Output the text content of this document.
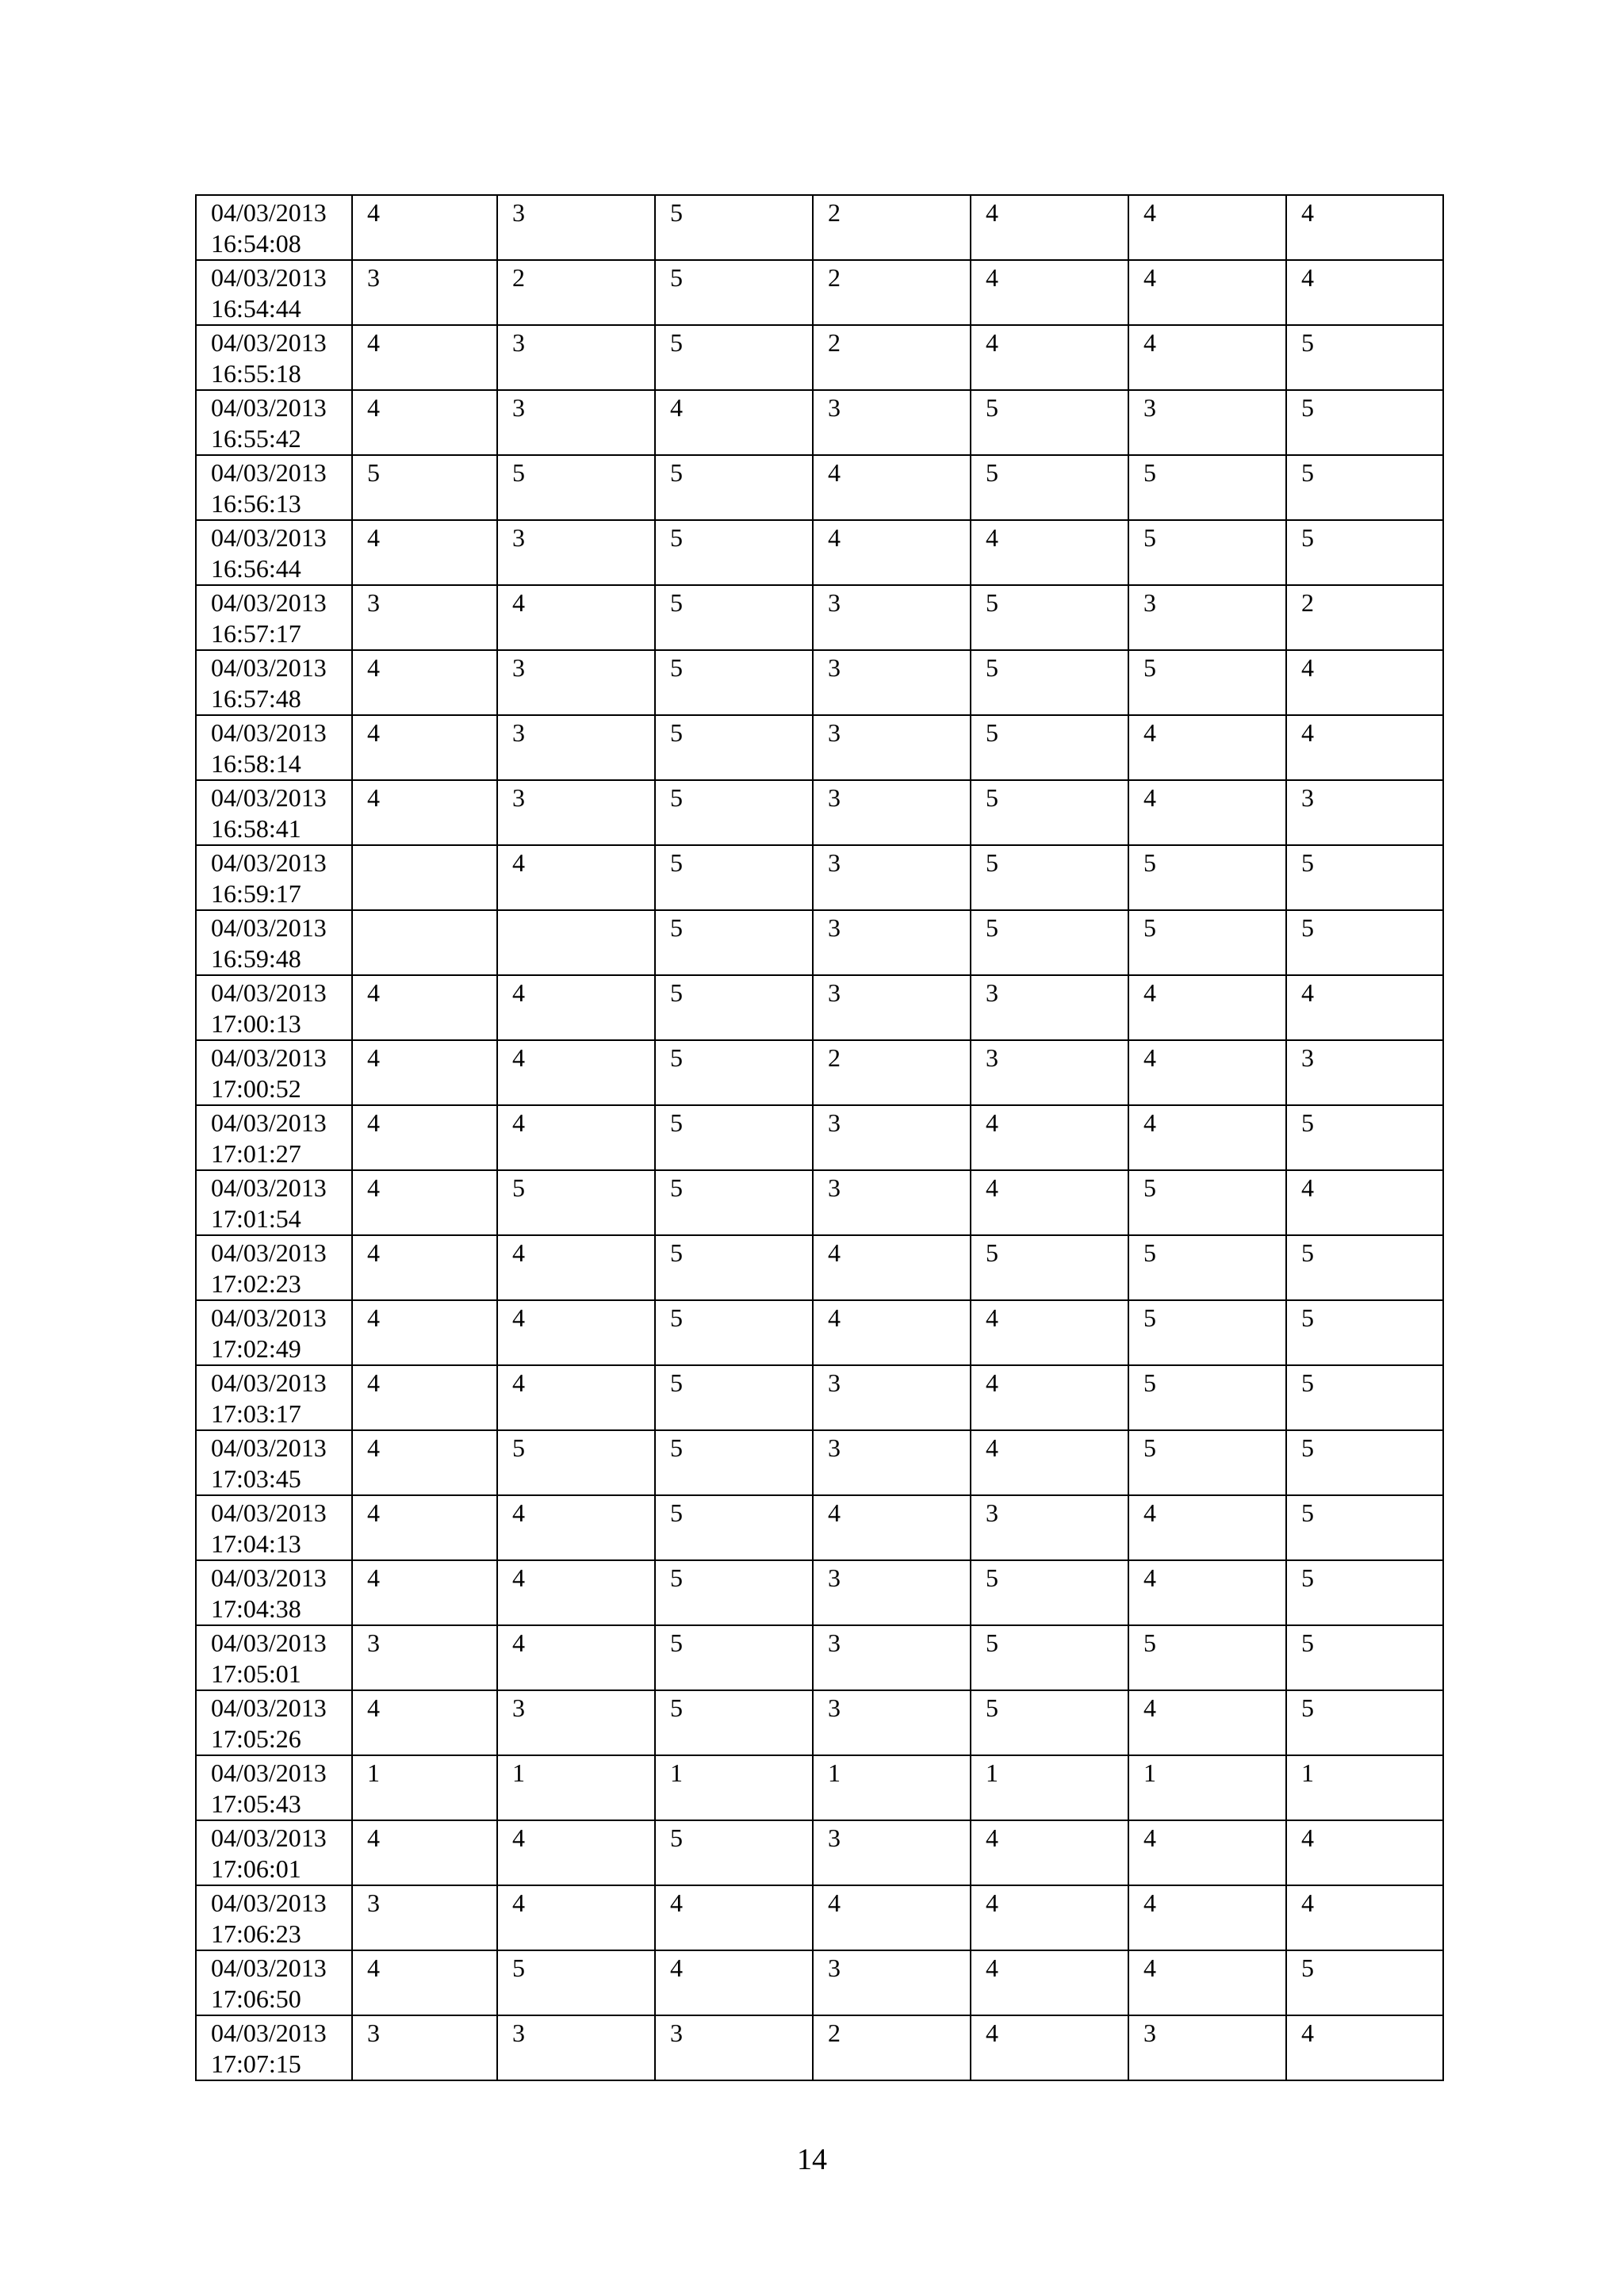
04/03/2013
16:54:08	4	3	5	2	4	4	4

04/03/2013
16:54:44	3	2	5	2	4	4	4

04/03/2013
16:55:18	4	3	5	2	4	4	5

04/03/2013
16:55:42	4	3	4	3	5	3	5

04/03/2013
16:56:13	5	5	5	4	5	5	5

04/03/2013
16:56:44	4	3	5	4	4	5	5

04/03/2013
16:57:17	3	4	5	3	5	3	2

04/03/2013
16:57:48	4	3	5	3	5	5	4

04/03/2013
16:58:14	4	3	5	3	5	4	4

04/03/2013
16:58:41	4	3	5	3	5	4	3

04/03/2013
16:59:17		4	5	3	5	5	5

04/03/2013
16:59:48			5	3	5	5	5

04/03/2013
17:00:13	4	4	5	3	3	4	4

04/03/2013
17:00:52	4	4	5	2	3	4	3

04/03/2013
17:01:27	4	4	5	3	4	4	5

04/03/2013
17:01:54	4	5	5	3	4	5	4

04/03/2013
17:02:23	4	4	5	4	5	5	5

04/03/2013
17:02:49	4	4	5	4	4	5	5

04/03/2013
17:03:17	4	4	5	3	4	5	5

04/03/2013
17:03:45	4	5	5	3	4	5	5

04/03/2013
17:04:13	4	4	5	4	3	4	5

04/03/2013
17:04:38	4	4	5	3	5	4	5

04/03/2013
17:05:01	3	4	5	3	5	5	5

04/03/2013
17:05:26	4	3	5	3	5	4	5

04/03/2013
17:05:43	1	1	1	1	1	1	1

04/03/2013
17:06:01	4	4	5	3	4	4	4

04/03/2013
17:06:23	3	4	4	4	4	4	4

04/03/2013
17:06:50	4	5	4	3	4	4	5

04/03/2013
17:07:15	3	3	3	2	4	3	4
14
